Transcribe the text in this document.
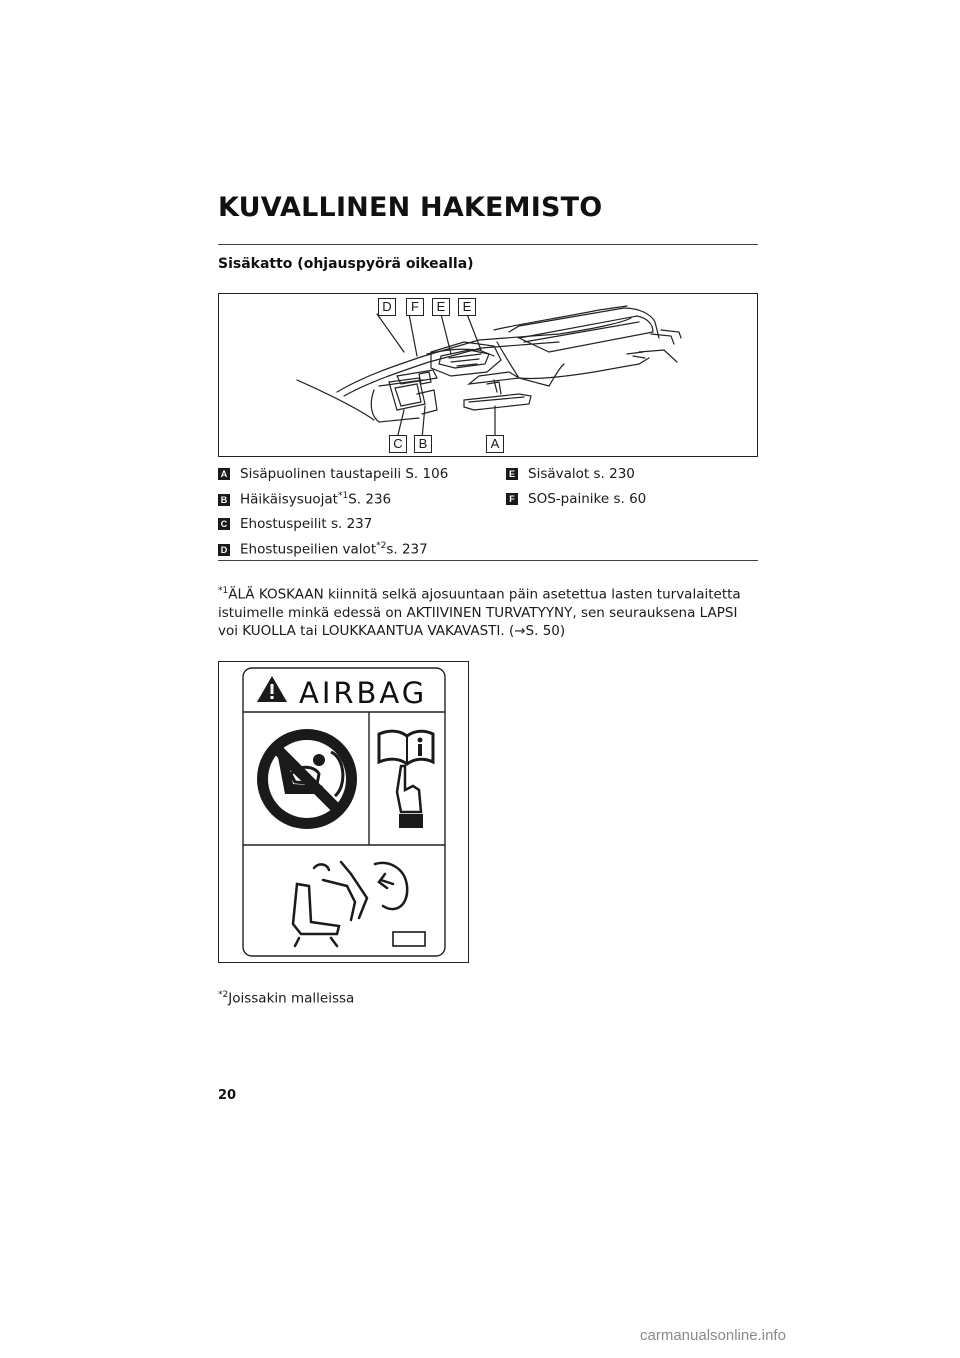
KUVALLINEN HAKEMISTO
Sisäkatto (ohjauspyörä oikealla)
D	F	E	E
C	B	A
A Sisäpuolinen taustapeili S. 106
B Häikäisysuojat$^{*1}$S. 236
C Ehostuspeilit s. 237
D Ehostuspeilien valot$^{*2}$s. 237
E Sisävalot s. 230
F SOS-painike s. 60
$^{*1}$ÄLÄ KOSKAAN kiinnitä selkä ajosuuntaan päin asetettua lasten turvalaitetta istuimelle minkä edessä on AKTIIVINEN TURVATYYNY, sen seurauksena LAPSI voi KUOLLA tai LOUKKAANTUA VAKAVASTI. (→S. 50)
AIRBAG
$^{*2}$Joissakin malleissa
20
carmanualsonline.info
